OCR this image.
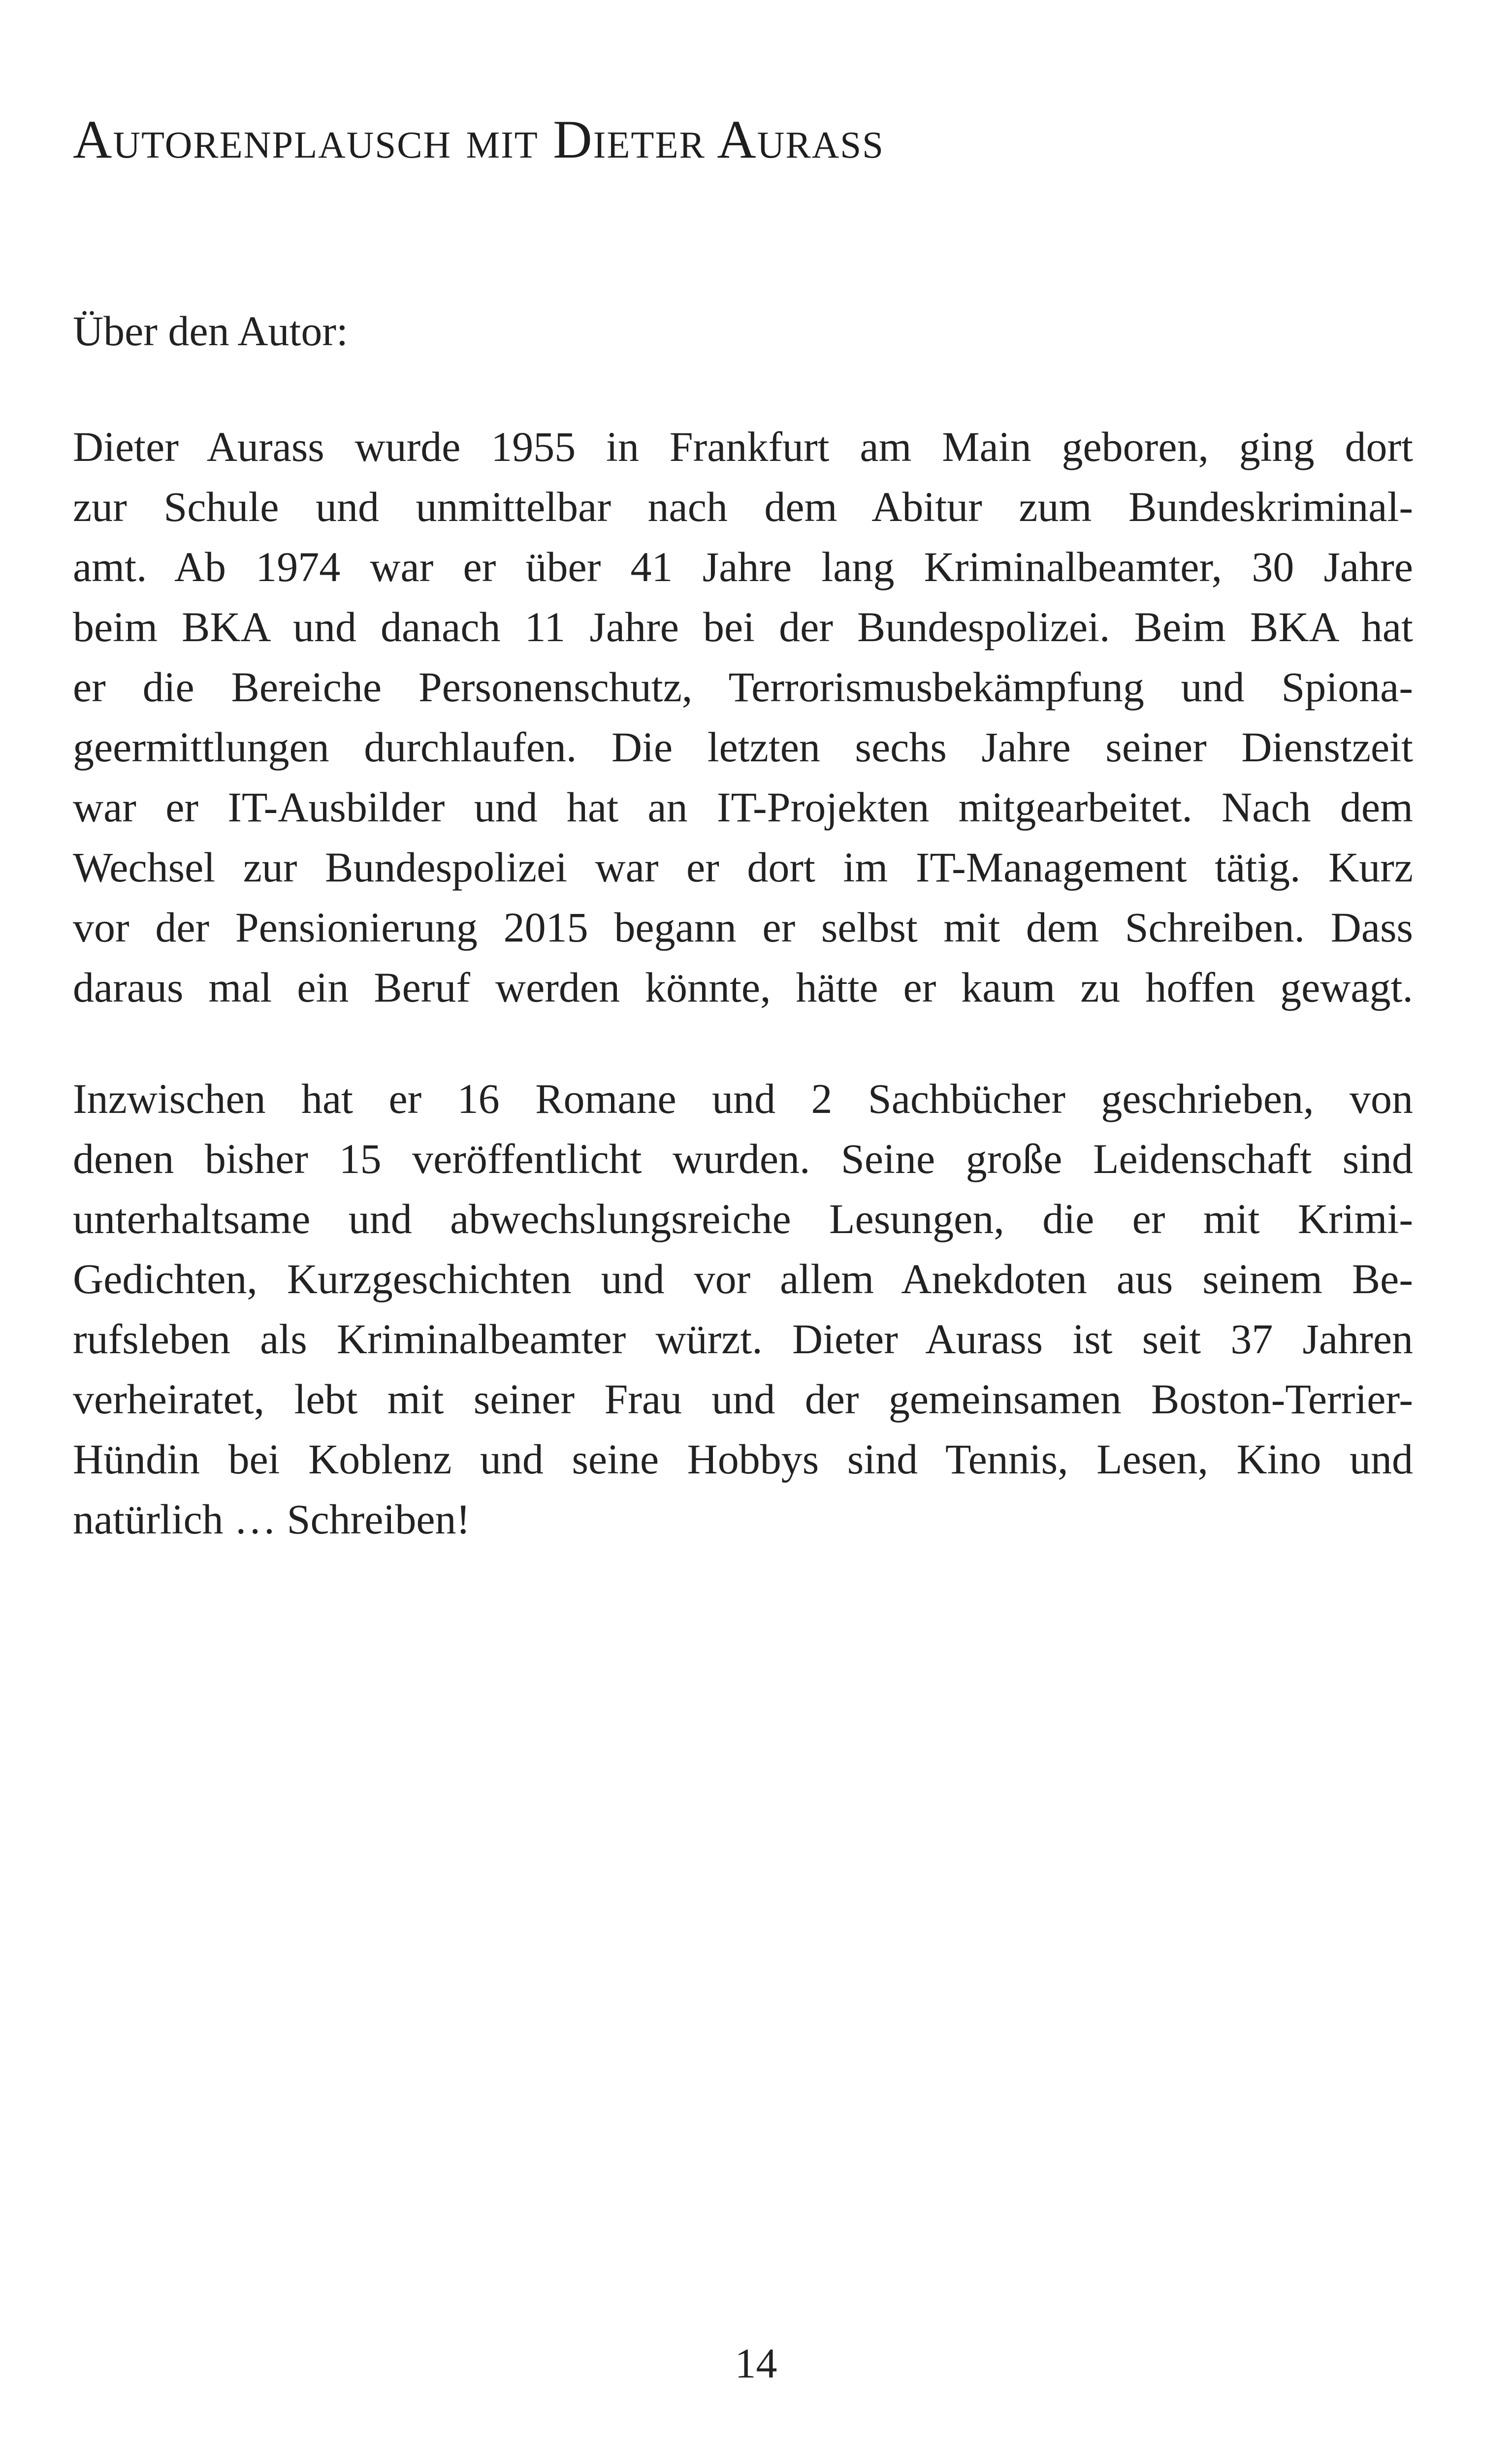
Autorenplausch mit Dieter Aurass

Über den Autor:

Dieter Aurass wurde 1955 in Frankfurt am Main geboren, ging dort
zur Schule und unmittelbar nach dem Abitur zum Bundeskriminal-
amt. Ab 1974 war er über 41 Jahre lang Kriminalbeamter, 30 Jahre
beim BKA und danach 11 Jahre bei der Bundespolizei. Beim BKA hat
er die Bereiche Personenschutz, Terrorismusbekämpfung und Spiona-
geermittlungen durchlaufen. Die letzten sechs Jahre seiner Dienstzeit
war er IT-Ausbilder und hat an IT-Projekten mitgearbeitet. Nach dem
Wechsel zur Bundespolizei war er dort im IT-Management tätig. Kurz
vor der Pensionierung 2015 begann er selbst mit dem Schreiben. Dass
daraus mal ein Beruf werden könnte, hätte er kaum zu hoffen gewagt.
Inzwischen hat er 16 Romane und 2 Sachbücher geschrieben, von
denen bisher 15 veröffentlicht wurden. Seine große Leidenschaft sind
unterhaltsame und abwechslungsreiche Lesungen, die er mit Krimi-
Gedichten, Kurzgeschichten und vor allem Anekdoten aus seinem Be-
rufsleben als Kriminalbeamter würzt. Dieter Aurass ist seit 37 Jahren
verheiratet, lebt mit seiner Frau und der gemeinsamen Boston-Terrier-
Hündin bei Koblenz und seine Hobbys sind Tennis, Lesen, Kino und
natürlich … Schreiben!

14
